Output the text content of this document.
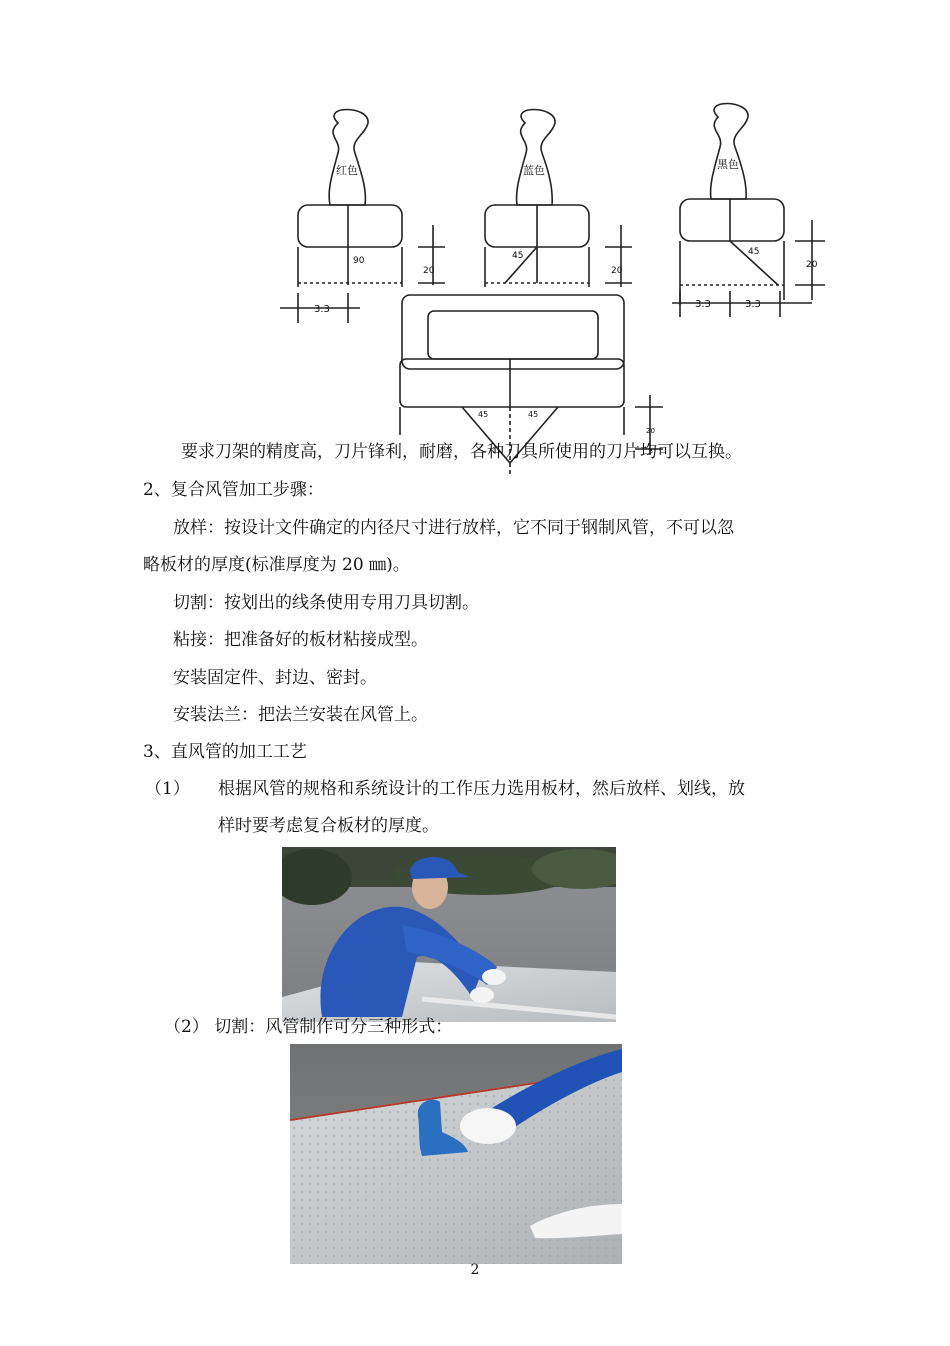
红色	蓝色	黑色
90	45	45
45	45
20	20
20
20
3.3	3.3	3.3
要求刀架的精度高，刀片锋利，耐磨，各种刀具所使用的刀片均可以互换。
2、复合风管加工步骤：
放样：按设计文件确定的内径尺寸进行放样，它不同于钢制风管，不可以忽
略板材的厚度(标准厚度为 20 ㎜)。
切割：按划出的线条使用专用刀具切割。
粘接：把准备好的板材粘接成型。
安装固定件、封边、密封。
安装法兰：把法兰安装在风管上。
3、直风管的加工工艺
（1） 根据风管的规格和系统设计的工作压力选用板材，然后放样、划线，放
样时要考虑复合板材的厚度。
（2） 切割：风管制作可分三种形式：
2
